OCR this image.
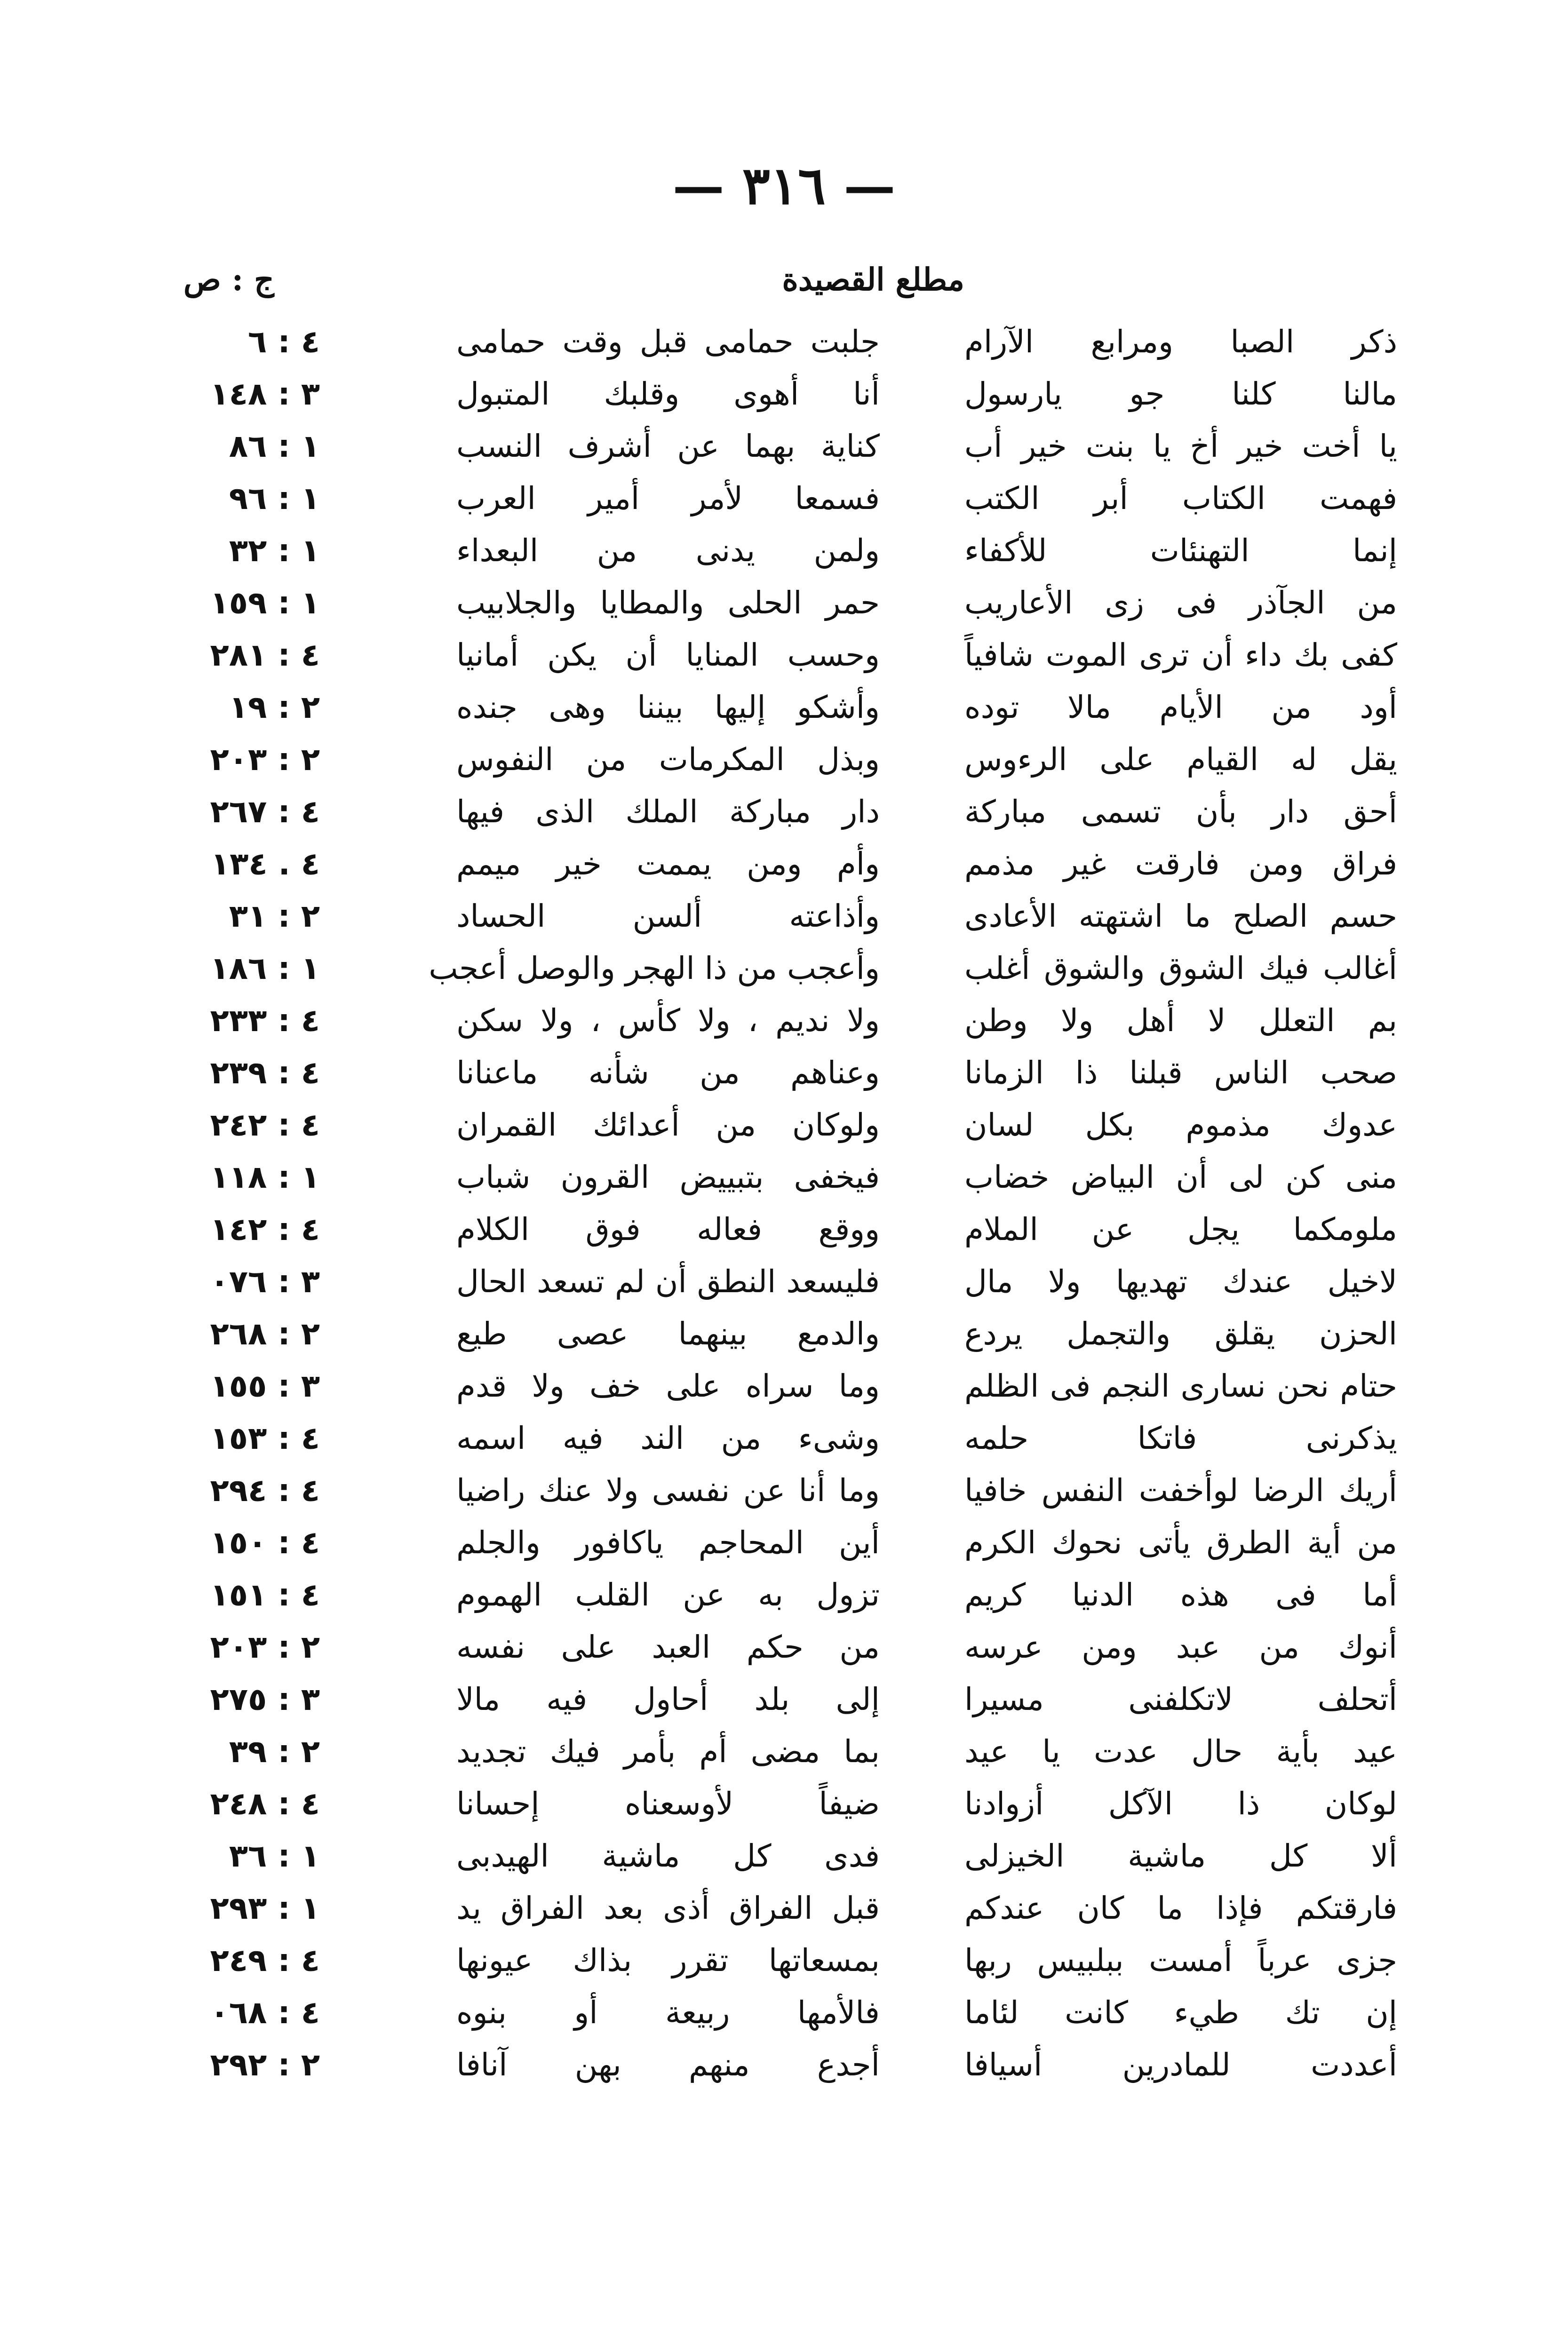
— ٣١٦ —
مطلع القصيدة
ج : ص
ذكر الصبا ومرابع الآرام
جلبت حمامى قبل وقت حمامى
٤ : ٦
مالنا كلنا جو يارسول
أنا أهوى وقلبك المتبول
٣ : ١٤٨
يا أخت خير أخ يا بنت خير أب
كناية بهما عن أشرف النسب
١ : ٨٦
فهمت الكتاب أبر الكتب
فسمعا لأمر أمير العرب
١ : ٩٦
إنما التهنئات للأكفاء
ولمن يدنى من البعداء
١ : ٣٢
من الجآذر فى زى الأعاريب
حمر الحلى والمطايا والجلابيب
١ : ١٥٩
كفى بك داء أن ترى الموت شافياً
وحسب المنايا أن يكن أمانيا
٤ : ٢٨١
أود من الأيام مالا توده
وأشكو إليها بيننا وهى جنده
٢ : ١٩
يقل له القيام على الرءوس
وبذل المكرمات من النفوس
٢ : ٢٠٣
أحق دار بأن تسمى مباركة
دار مباركة الملك الذى فيها
٤ : ٢٦٧
فراق ومن فارقت غير مذمم
وأم ومن يممت خير ميمم
٤ . ١٣٤
حسم الصلح ما اشتهته الأعادى
وأذاعته ألسن الحساد
٢ : ٣١
أغالب فيك الشوق والشوق أغلب
وأعجب من ذا الهجر والوصل أعجب
١ : ١٨٦
بم التعلل لا أهل ولا وطن
ولا نديم ، ولا كأس ، ولا سكن
٤ : ٢٣٣
صحب الناس قبلنا ذا الزمانا
وعناهم من شأنه ماعنانا
٤ : ٢٣٩
عدوك مذموم بكل لسان
ولوكان من أعدائك القمران
٤ : ٢٤٢
منى كن لى أن البياض خضاب
فيخفى بتبييض القرون شباب
١ : ١١٨
ملومكما يجل عن الملام
ووقع فعاله فوق الكلام
٤ : ١٤٢
لاخيل عندك تهديها ولا مال
فليسعد النطق أن لم تسعد الحال
٣ : ٠٧٦
الحزن يقلق والتجمل يردع
والدمع بينهما عصى طيع
٢ : ٢٦٨
حتام نحن نسارى النجم فى الظلم
وما سراه على خف ولا قدم
٣ : ١٥٥
يذكرنى فاتكا حلمه
وشىء من الند فيه اسمه
٤ : ١٥٣
أريك الرضا لوأخفت النفس خافيا
وما أنا عن نفسى ولا عنك راضيا
٤ : ٢٩٤
من أية الطرق يأتى نحوك الكرم
أين المحاجم ياكافور والجلم
٤ : ١٥٠
أما فى هذه الدنيا كريم
تزول به عن القلب الهموم
٤ : ١٥١
أنوك من عبد ومن عرسه
من حكم العبد على نفسه
٢ : ٢٠٣
أتحلف لاتكلفنى مسيرا
إلى بلد أحاول فيه مالا
٣ : ٢٧٥
عيد بأية حال عدت يا عيد
بما مضى أم بأمر فيك تجديد
٢ : ٣٩
لوكان ذا الآكل أزوادنا
ضيفاً لأوسعناه إحسانا
٤ : ٢٤٨
ألا كل ماشية الخيزلى
فدى كل ماشية الهيدبى
١ : ٣٦
فارقتكم فإذا ما كان عندكم
قبل الفراق أذى بعد الفراق يد
١ : ٢٩٣
جزى عرباً أمست ببلبيس ربها
بمسعاتها تقرر بذاك عيونها
٤ : ٢٤٩
إن تك طيء كانت لئاما
فالأمها ربيعة أو بنوه
٤ : ٠٦٨
أعددت للمادرين أسيافا
أجدع منهم بهن آنافا
٢ : ٢٩٢
